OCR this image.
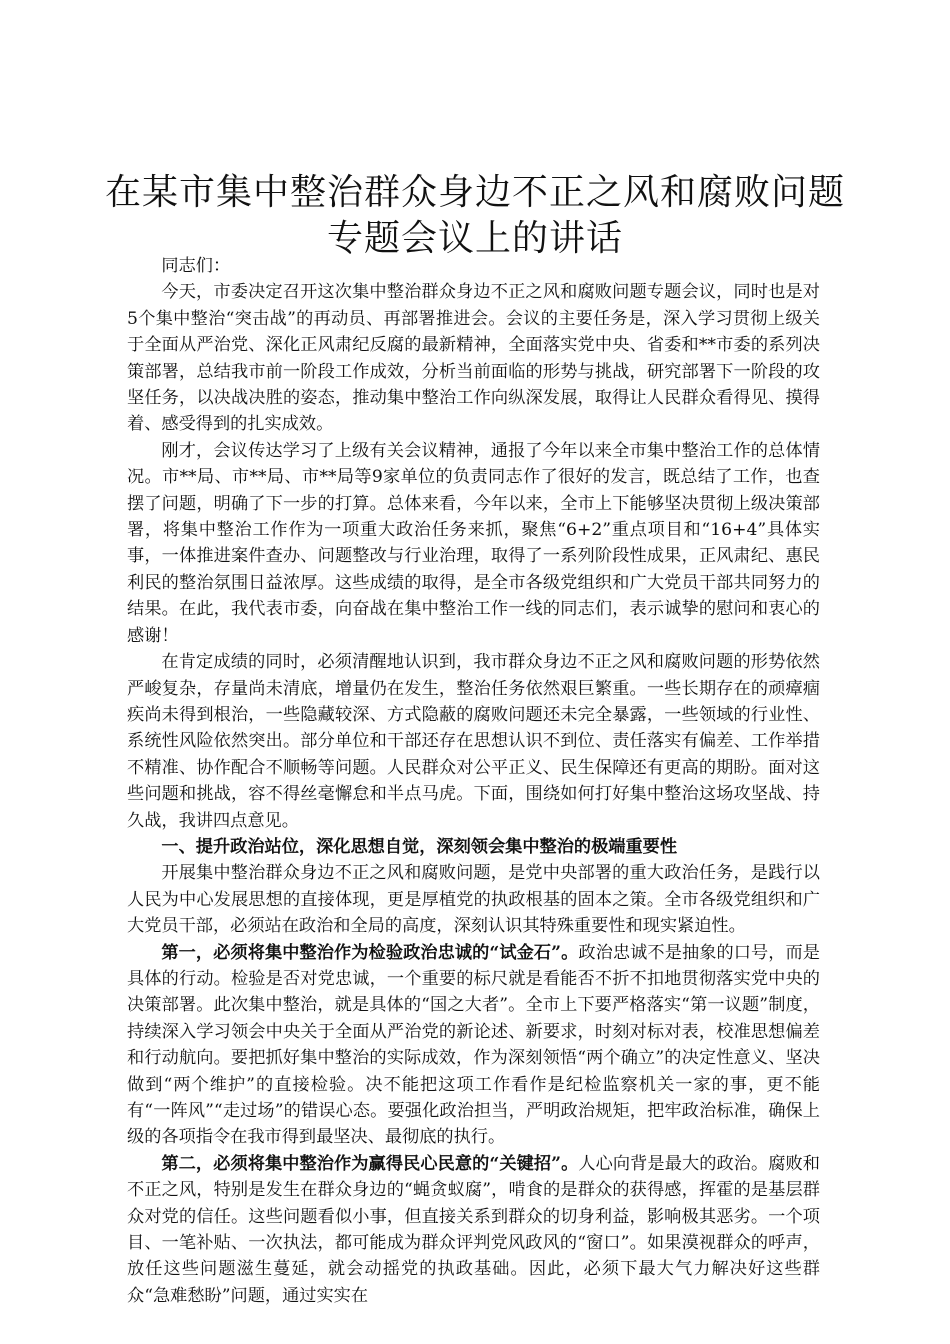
在某市集中整治群众身边不正之风和腐败问题
专题会议上的讲话

同志们：

今天，市委决定召开这次集中整治群众身边不正之风和腐败问题专题会议，同时也是对5个集中整治“突击战”的再动员、再部署推进会。会议的主要任务是，深入学习贯彻上级关于全面从严治党、深化正风肃纪反腐的最新精神，全面落实党中央、省委和**市委的系列决策部署，总结我市前一阶段工作成效，分析当前面临的形势与挑战，研究部署下一阶段的攻坚任务，以决战决胜的姿态，推动集中整治工作向纵深发展，取得让人民群众看得见、摸得着、感受得到的扎实成效。

刚才，会议传达学习了上级有关会议精神，通报了今年以来全市集中整治工作的总体情况。市**局、市**局、市**局等9家单位的负责同志作了很好的发言，既总结了工作，也查摆了问题，明确了下一步的打算。总体来看，今年以来，全市上下能够坚决贯彻上级决策部署，将集中整治工作作为一项重大政治任务来抓，聚焦“6+2”重点项目和“16+4”具体实事，一体推进案件查办、问题整改与行业治理，取得了一系列阶段性成果，正风肃纪、惠民利民的整治氛围日益浓厚。这些成绩的取得，是全市各级党组织和广大党员干部共同努力的结果。在此，我代表市委，向奋战在集中整治工作一线的同志们，表示诚挚的慰问和衷心的感谢！

在肯定成绩的同时，必须清醒地认识到，我市群众身边不正之风和腐败问题的形势依然严峻复杂，存量尚未清底，增量仍在发生，整治任务依然艰巨繁重。一些长期存在的顽瘴痼疾尚未得到根治，一些隐藏较深、方式隐蔽的腐败问题还未完全暴露，一些领域的行业性、系统性风险依然突出。部分单位和干部还存在思想认识不到位、责任落实有偏差、工作举措不精准、协作配合不顺畅等问题。人民群众对公平正义、民生保障还有更高的期盼。面对这些问题和挑战，容不得丝毫懈怠和半点马虎。下面，围绕如何打好集中整治这场攻坚战、持久战，我讲四点意见。

一、提升政治站位，深化思想自觉，深刻领会集中整治的极端重要性

开展集中整治群众身边不正之风和腐败问题，是党中央部署的重大政治任务，是践行以人民为中心发展思想的直接体现，更是厚植党的执政根基的固本之策。全市各级党组织和广大党员干部，必须站在政治和全局的高度，深刻认识其特殊重要性和现实紧迫性。

第一，必须将集中整治作为检验政治忠诚的“试金石”。政治忠诚不是抽象的口号，而是具体的行动。检验是否对党忠诚，一个重要的标尺就是看能否不折不扣地贯彻落实党中央的决策部署。此次集中整治，就是具体的“国之大者”。全市上下要严格落实“第一议题”制度，持续深入学习领会中央关于全面从严治党的新论述、新要求，时刻对标对表，校准思想偏差和行动航向。要把抓好集中整治的实际成效，作为深刻领悟“两个确立”的决定性意义、坚决做到“两个维护”的直接检验。决不能把这项工作看作是纪检监察机关一家的事，更不能有“一阵风”“走过场”的错误心态。要强化政治担当，严明政治规矩，把牢政治标准，确保上级的各项指令在我市得到最坚决、最彻底的执行。

第二，必须将集中整治作为赢得民心民意的“关键招”。人心向背是最大的政治。腐败和不正之风，特别是发生在群众身边的“蝇贪蚁腐”，啃食的是群众的获得感，挥霍的是基层群众对党的信任。这些问题看似小事，但直接关系到群众的切身利益，影响极其恶劣。一个项目、一笔补贴、一次执法，都可能成为群众评判党风政风的“窗口”。如果漠视群众的呼声，放任这些问题滋生蔓延，就会动摇党的执政基础。因此，必须下最大气力解决好这些群众“急难愁盼”问题，通过实实在
